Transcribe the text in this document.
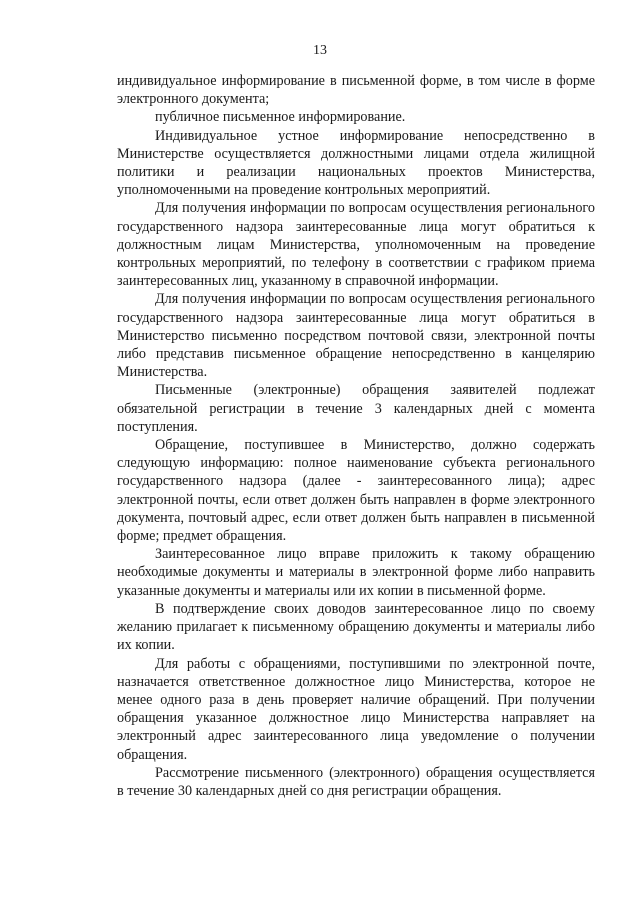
13

индивидуальное информирование в письменной форме, в том числе в форме электронного документа;

публичное письменное информирование.

Индивидуальное устное информирование непосредственно в Министерстве осуществляется должностными лицами отдела жилищной политики и реализации национальных проектов Министерства, уполномоченными на проведение контрольных мероприятий.

Для получения информации по вопросам осуществления регионального государственного надзора заинтересованные лица могут обратиться к должностным лицам Министерства, уполномоченным на проведение контрольных мероприятий, по телефону в соответствии с графиком приема заинтересованных лиц, указанному в справочной информации.

Для получения информации по вопросам осуществления регионального государственного надзора заинтересованные лица могут обратиться в Министерство письменно посредством почтовой связи, электронной почты либо представив письменное обращение непосредственно в канцелярию Министерства.

Письменные (электронные) обращения заявителей подлежат обязательной регистрации в течение 3 календарных дней с момента поступления.

Обращение, поступившее в Министерство, должно содержать следующую информацию: полное наименование субъекта регионального государственного надзора (далее - заинтересованного лица); адрес электронной почты, если ответ должен быть направлен в форме электронного документа, почтовый адрес, если ответ должен быть направлен в письменной форме; предмет обращения.

Заинтересованное лицо вправе приложить к такому обращению необходимые документы и материалы в электронной форме либо направить указанные документы и материалы или их копии в письменной форме.

В подтверждение своих доводов заинтересованное лицо по своему желанию прилагает к письменному обращению документы и материалы либо их копии.

Для работы с обращениями, поступившими по электронной почте, назначается ответственное должностное лицо Министерства, которое не менее одного раза в день проверяет наличие обращений. При получении обращения указанное должностное лицо Министерства направляет на электронный адрес заинтересованного лица уведомление о получении обращения.

Рассмотрение письменного (электронного) обращения осуществляется в течение 30 календарных дней со дня регистрации обращения.
